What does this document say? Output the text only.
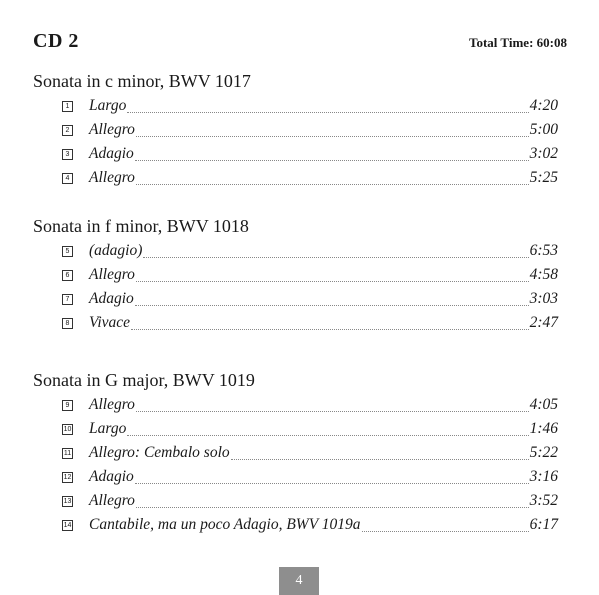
CD 2	Total Time: 60:08
Sonata in c minor, BWV 1017
1 Largo	4:20
2 Allegro	5:00
3 Adagio	3:02
4 Allegro	5:25
Sonata in f minor, BWV 1018
5 (adagio)	6:53
6 Allegro	4:58
7 Adagio	3:03
8 Vivace	2:47
Sonata in G major, BWV 1019
9 Allegro	4:05
10 Largo	1:46
11 Allegro: Cembalo solo	5:22
12 Adagio	3:16
13 Allegro	3:52
14 Cantabile, ma un poco Adagio, BWV 1019a	6:17
4
